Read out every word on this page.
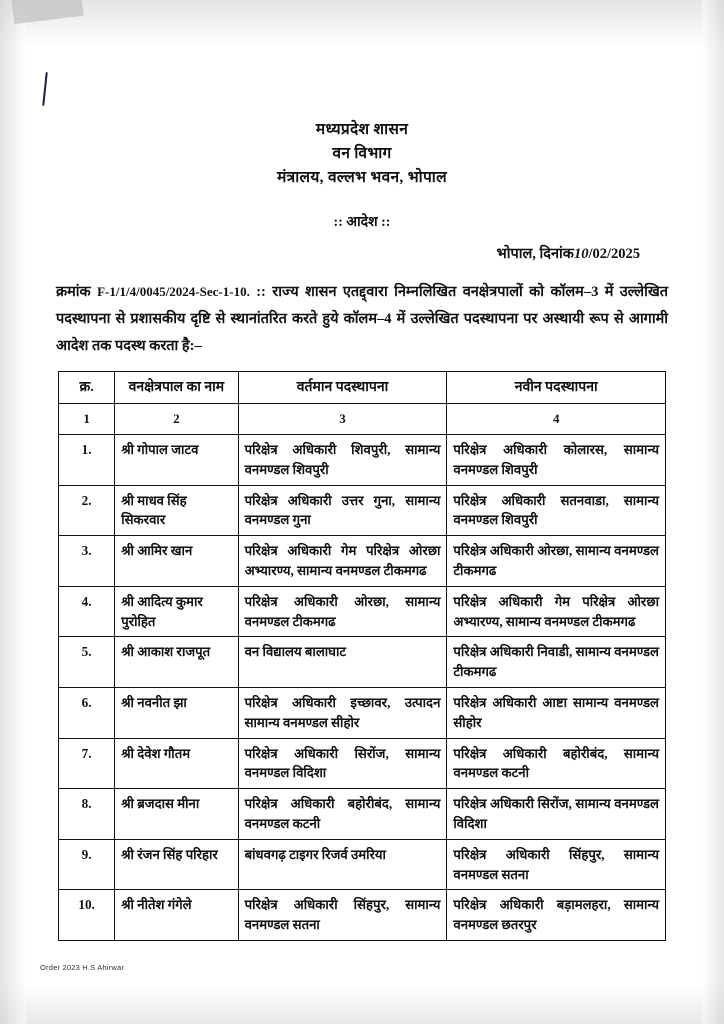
मध्यप्रदेश शासन
वन विभाग
मंत्रालय, वल्लभ भवन, भोपाल
:: आदेश ::
भोपाल, दिनांक10/02/2025
क्रमांक F-1/1/4/0045/2024-Sec-1-10. :: राज्य शासन एतद्द्वारा निम्नलिखित वनक्षेत्रपालों को कॉलम–3 में उल्लेखित पदस्थापना से प्रशासकीय दृष्टि से स्थानांतरित करते हुये कॉलम–4 में उल्लेखित पदस्थापना पर अस्थायी रूप से आगामी आदेश तक पदस्थ करता है:–
क्र.	वनक्षेत्रपाल का नाम	वर्तमान पदस्थापना	नवीन पदस्थापना
1	2	3	4
1.	श्री गोपाल जाटव	परिक्षेत्र अधिकारी शिवपुरी, सामान्य वनमण्डल शिवपुरी	परिक्षेत्र अधिकारी कोलारस, सामान्य वनमण्डल शिवपुरी
2.	श्री माधव सिंह सिकरवार	परिक्षेत्र अधिकारी उत्तर गुना, सामान्य वनमण्डल गुना	परिक्षेत्र अधिकारी सतनवाडा, सामान्य वनमण्डल शिवपुरी
3.	श्री आमिर खान	परिक्षेत्र अधिकारी गेम परिक्षेत्र ओरछा अभ्यारण्य, सामान्य वनमण्डल टीकमगढ	परिक्षेत्र अधिकारी ओरछा, सामान्य वनमण्डल टीकमगढ
4.	श्री आदित्य कुमार पुरोहित	परिक्षेत्र अधिकारी ओरछा, सामान्य वनमण्डल टीकमगढ	परिक्षेत्र अधिकारी गेम परिक्षेत्र ओरछा अभ्यारण्य, सामान्य वनमण्डल टीकमगढ
5.	श्री आकाश राजपूत	वन विद्यालय बालाघाट	परिक्षेत्र अधिकारी निवाडी, सामान्य वनमण्डल टीकमगढ
6.	श्री नवनीत झा	परिक्षेत्र अधिकारी इच्छावर, उत्पादन सामान्य वनमण्डल सीहोर	परिक्षेत्र अधिकारी आष्टा सामान्य वनमण्डल सीहोर
7.	श्री देवेश गौतम	परिक्षेत्र अधिकारी सिरोंज, सामान्य वनमण्डल विदिशा	परिक्षेत्र अधिकारी बहोरीबंद, सामान्य वनमण्डल कटनी
8.	श्री ब्रजदास मीना	परिक्षेत्र अधिकारी बहोरीबंद, सामान्य वनमण्डल कटनी	परिक्षेत्र अधिकारी सिरोंज, सामान्य वनमण्डल विदिशा
9.	श्री रंजन सिंह परिहार	बांधवगढ़ टाइगर रिजर्व उमरिया	परिक्षेत्र अधिकारी सिंहपुर, सामान्य वनमण्डल सतना
10.	श्री नीतेश गंगेले	परिक्षेत्र अधिकारी सिंहपुर, सामान्य वनमण्डल सतना	परिक्षेत्र अधिकारी बड़ामलहरा, सामान्य वनमण्डल छतरपुर
Order 2023 H.S Ahirwar
